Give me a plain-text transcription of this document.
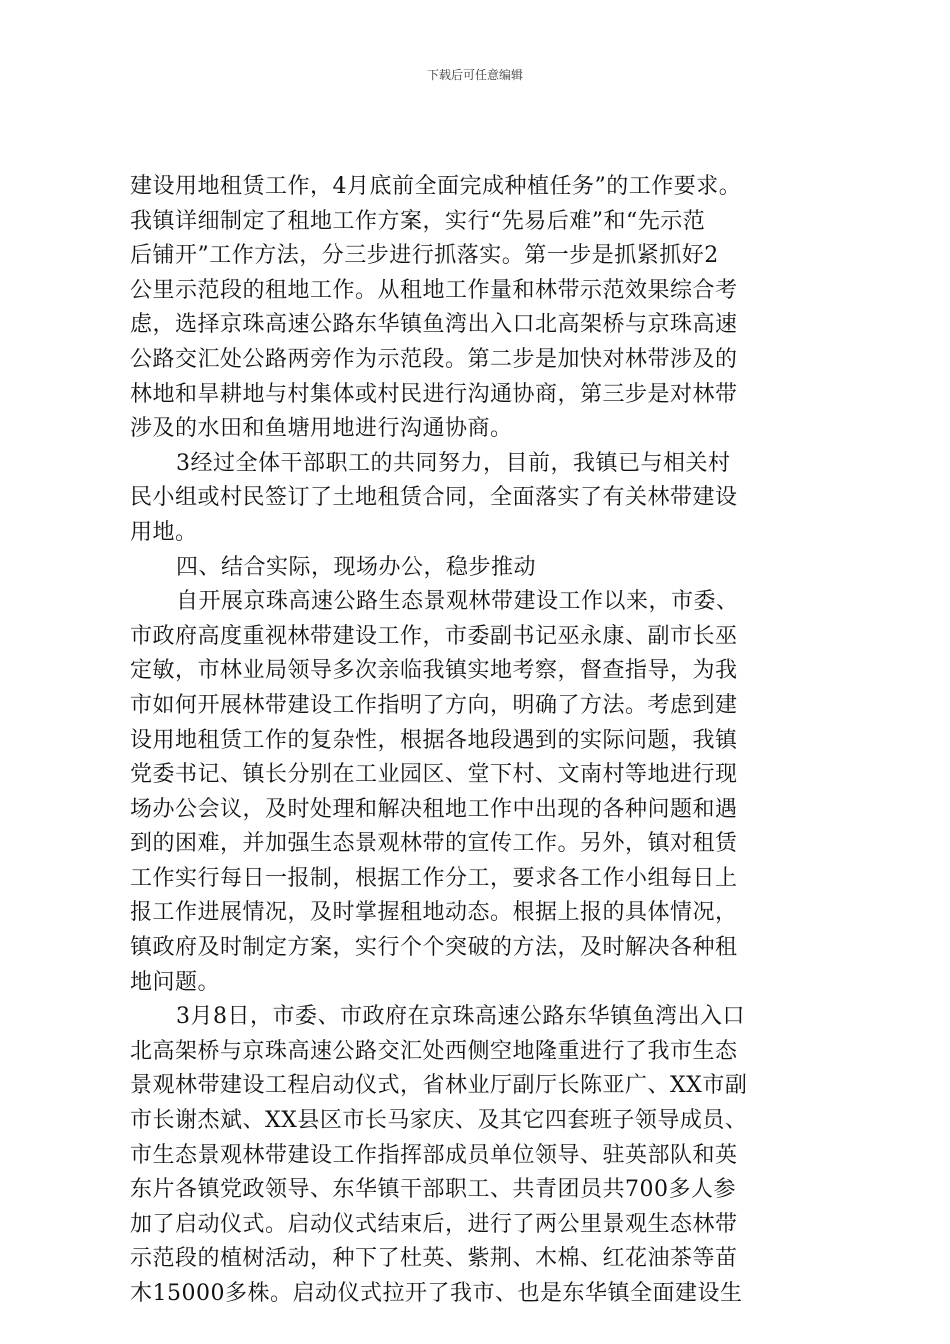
下载后可任意编辑
建设用地租赁工作，4月底前全面完成种植任务”的工作要求。
我镇详细制定了租地工作方案，实行“先易后难”和“先示范
后铺开”工作方法，分三步进行抓落实。第一步是抓紧抓好2
公里示范段的租地工作。从租地工作量和林带示范效果综合考
虑，选择京珠高速公路东华镇鱼湾出入口北高架桥与京珠高速
公路交汇处公路两旁作为示范段。第二步是加快对林带涉及的
林地和旱耕地与村集体或村民进行沟通协商，第三步是对林带
涉及的水田和鱼塘用地进行沟通协商。
3经过全体干部职工的共同努力，目前，我镇已与相关村
民小组或村民签订了土地租赁合同，全面落实了有关林带建设
用地。
四、结合实际，现场办公，稳步推动
自开展京珠高速公路生态景观林带建设工作以来，市委、
市政府高度重视林带建设工作，市委副书记巫永康、副市长巫
定敏，市林业局领导多次亲临我镇实地考察，督查指导，为我
市如何开展林带建设工作指明了方向，明确了方法。考虑到建
设用地租赁工作的复杂性，根据各地段遇到的实际问题，我镇
党委书记、镇长分别在工业园区、堂下村、文南村等地进行现
场办公会议，及时处理和解决租地工作中出现的各种问题和遇
到的困难，并加强生态景观林带的宣传工作。另外，镇对租赁
工作实行每日一报制，根据工作分工，要求各工作小组每日上
报工作进展情况，及时掌握租地动态。根据上报的具体情况，
镇政府及时制定方案，实行个个突破的方法，及时解决各种租
地问题。
3月8日，市委、市政府在京珠高速公路东华镇鱼湾出入口
北高架桥与京珠高速公路交汇处西侧空地隆重进行了我市生态
景观林带建设工程启动仪式，省林业厅副厅长陈亚广、XX市副
市长谢杰斌、XX县区市长马家庆、及其它四套班子领导成员、
市生态景观林带建设工作指挥部成员单位领导、驻英部队和英
东片各镇党政领导、东华镇干部职工、共青团员共700多人参
加了启动仪式。启动仪式结束后，进行了两公里景观生态林带
示范段的植树活动，种下了杜英、紫荆、木棉、红花油茶等苗
木15000多株。启动仪式拉开了我市、也是东华镇全面建设生
